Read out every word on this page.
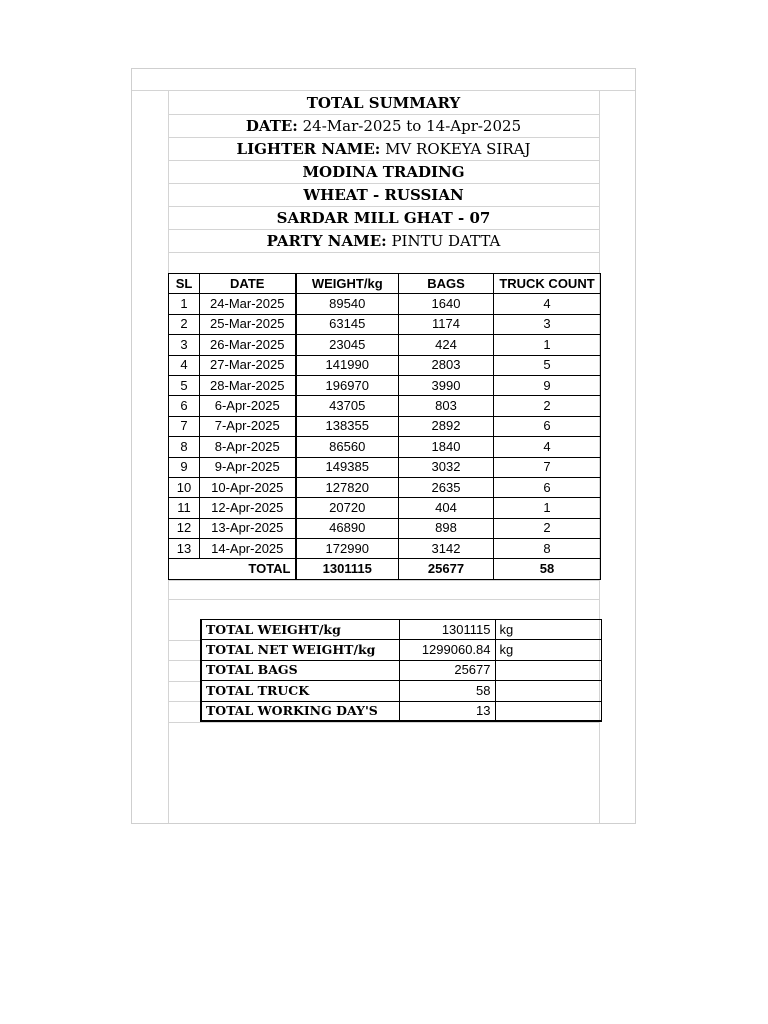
TOTAL SUMMARY
DATE:
24-Mar-2025 to 14-Apr-2025
LIGHTER NAME:
MV ROKEYA SIRAJ
MODINA TRADING
WHEAT - RUSSIAN
SARDAR MILL GHAT - 07
PARTY NAME:
PINTU DATTA
SL	DATE	WEIGHT/kg	BAGS	TRUCK COUNT
1	24-Mar-2025	89540	1640	4
2	25-Mar-2025	63145	1174	3
3	26-Mar-2025	23045	424	1
4	27-Mar-2025	141990	2803	5
5	28-Mar-2025	196970	3990	9
6	6-Apr-2025	43705	803	2
7	7-Apr-2025	138355	2892	6
8	8-Apr-2025	86560	1840	4
9	9-Apr-2025	149385	3032	7
10	10-Apr-2025	127820	2635	6
11	12-Apr-2025	20720	404	1
12	13-Apr-2025	46890	898	2
13	14-Apr-2025	172990	3142	8
TOTAL		1301115	25677	58
TOTAL WEIGHT/kg	1301115	kg
TOTAL NET WEIGHT/kg	1299060.84	kg
TOTAL BAGS	25677	
TOTAL TRUCK	58	
TOTAL WORKING DAY'S	13	
